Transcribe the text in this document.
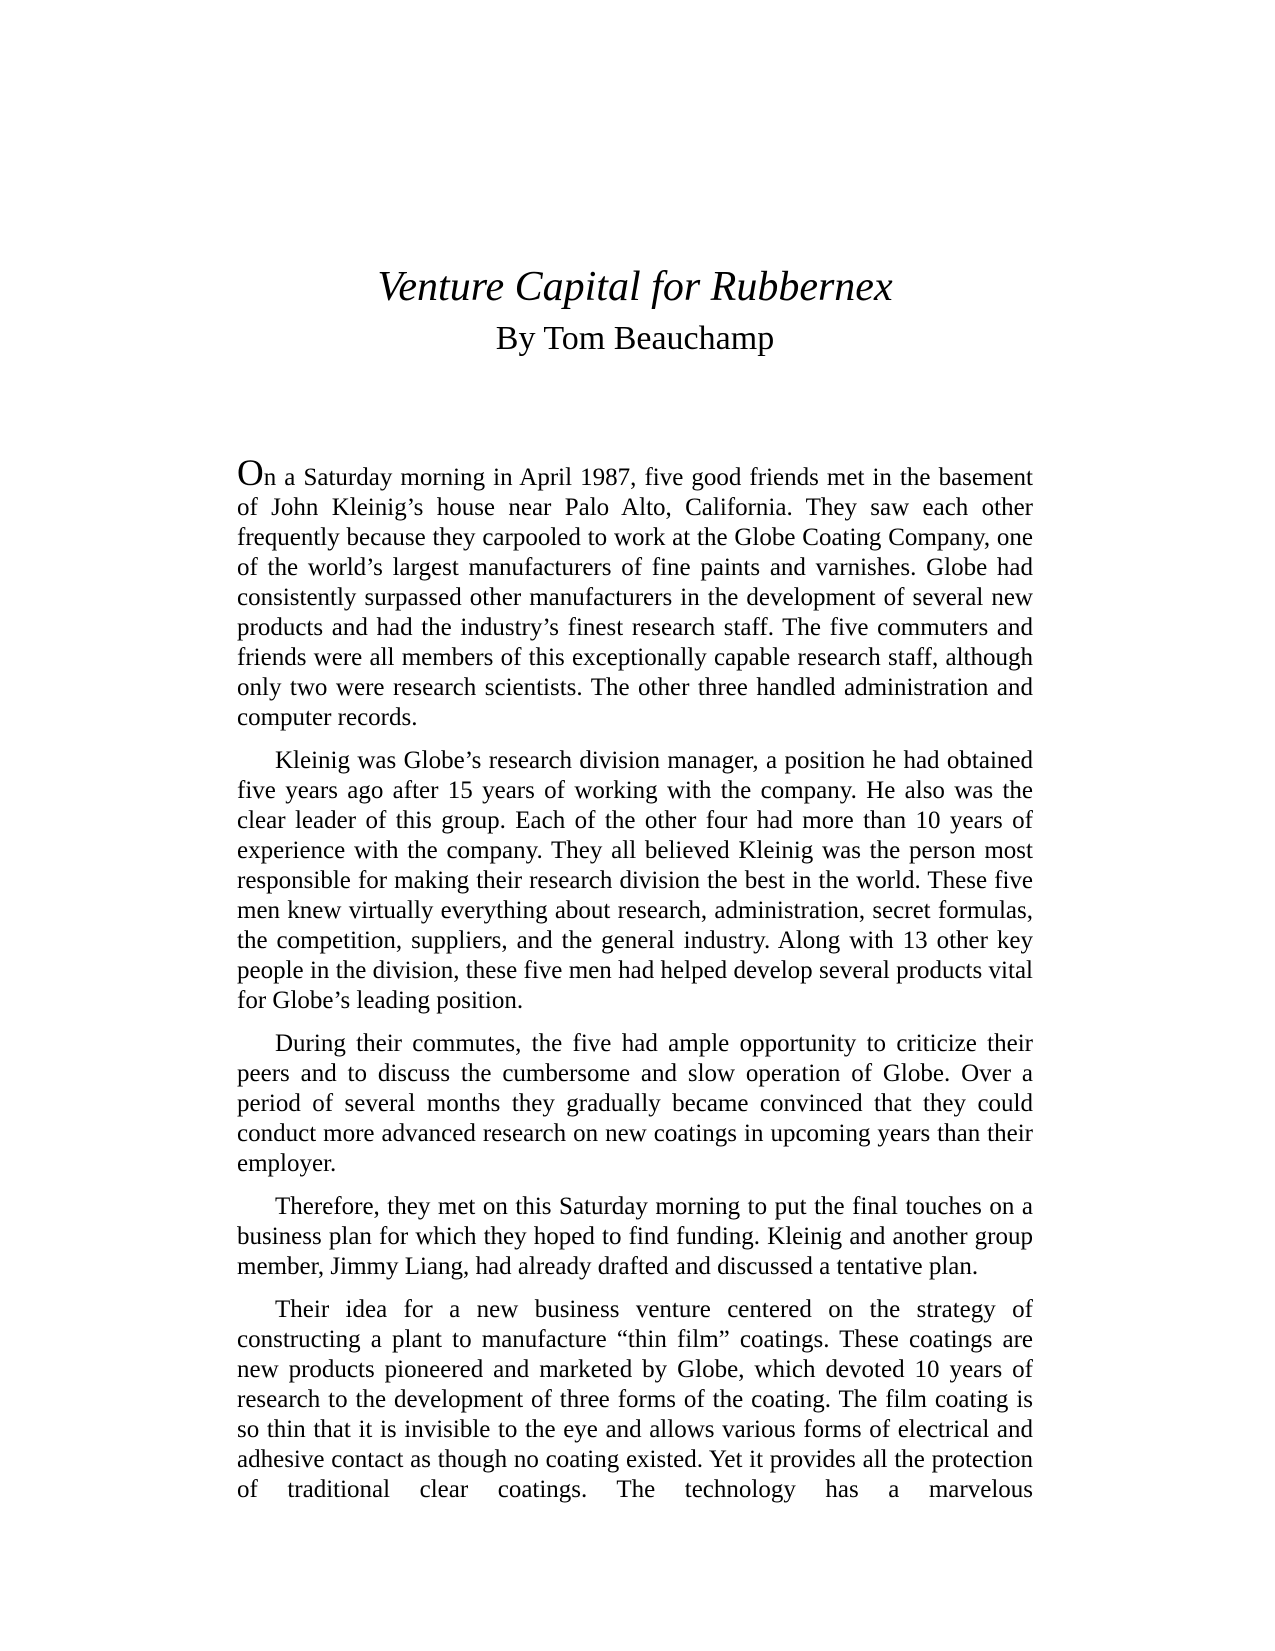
Venture Capital for Rubbernex
By Tom Beauchamp

On a Saturday morning in April 1987, five good friends met in the basement of John Kleinig’s house near Palo Alto, California. They saw each other frequently because they carpooled to work at the Globe Coating Company, one of the world’s largest manufacturers of fine paints and varnishes. Globe had consistently surpassed other manufacturers in the development of several new products and had the industry’s finest research staff. The five commuters and friends were all members of this exceptionally capable research staff, although only two were research scientists. The other three handled administration and computer records.

Kleinig was Globe’s research division manager, a position he had obtained five years ago after 15 years of working with the company. He also was the clear leader of this group. Each of the other four had more than 10 years of experience with the company. They all believed Kleinig was the person most responsible for making their research division the best in the world. These five men knew virtually everything about research, administration, secret formulas, the competition, suppliers, and the general industry. Along with 13 other key people in the division, these five men had helped develop several products vital for Globe’s leading position.

During their commutes, the five had ample opportunity to criticize their peers and to discuss the cumbersome and slow operation of Globe. Over a period of several months they gradually became convinced that they could conduct more advanced research on new coatings in upcoming years than their employer.

Therefore, they met on this Saturday morning to put the final touches on a business plan for which they hoped to find funding. Kleinig and another group member, Jimmy Liang, had already drafted and discussed a tentative plan.

Their idea for a new business venture centered on the strategy of constructing a plant to manufacture “thin film” coatings. These coatings are new products pioneered and marketed by Globe, which devoted 10 years of research to the development of three forms of the coating. The film coating is so thin that it is invisible to the eye and allows various forms of electrical and adhesive contact as though no coating existed. Yet it provides all the protection of traditional clear coatings. The technology has a marvelous
